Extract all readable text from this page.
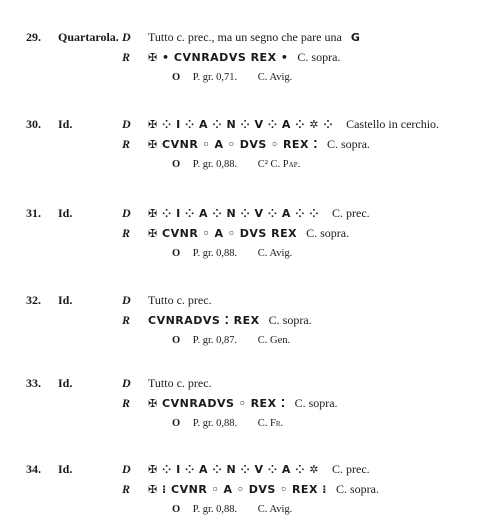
29. Quartarola. D Tutto c. prec., ma un segno che pare una G
R ✠ • CVNRADVS REX • C. sopra.
O P. gr. 0,71. C. Avig.
30. Id.	D ✠ ⁘ I ⁘ A ⁘ N ⁘ V ⁘ A ⁘ ✲ ⁘ Castello in cerchio.
R ✠ CVNR ◦ A ◦ DVS ◦ REX ⁚ C. sopra.
O P. gr. 0,88. C² C. Pap.
31. Id.	D ✠ ⁘ I ⁘ A ⁘ N ⁘ V ⁘ A ⁘ ⁘ C. prec.
R ✠ CVNR ◦ A ◦ DVS REX C. sopra.
O P. gr. 0,88. C. Avig.
32. Id.	D Tutto c. prec.
R CVNRADVS ⁚ REX C. sopra.
O P. gr. 0,87. C. Gen.
33. Id.	D Tutto c. prec.
R ✠ CVNRADVS ◦ REX ⁚ C. sopra.
O P. gr. 0,88. C. Fr.
34. Id.	D ✠ ⁘ I ⁘ A ⁘ N ⁘ V ⁘ A ⁘ ✲ C. prec.
R ✠ ⁝ CVNR ◦ A ◦ DVS ◦ REX ⁝ C. sopra.
O P. gr. 0,88. C. Avig.
